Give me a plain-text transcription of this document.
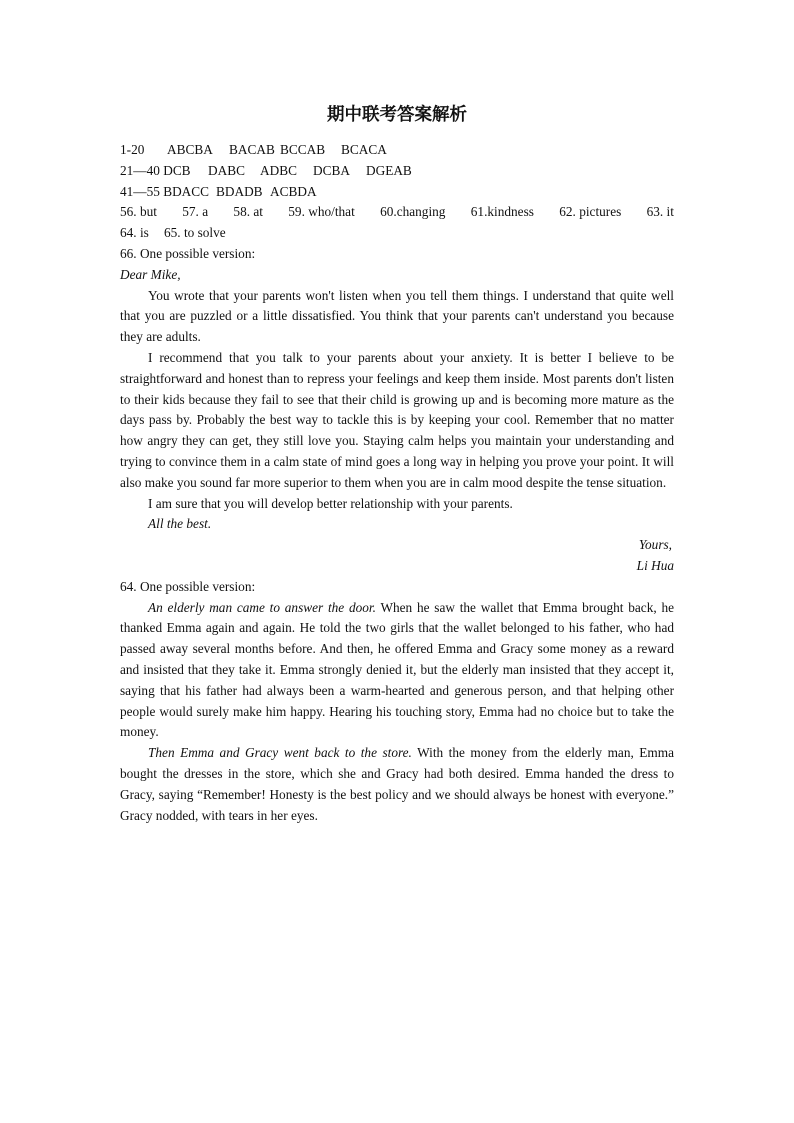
期中联考答案解析
1-20 ABCBA BACAB BCCAB BCACA
21—40 DCB DABC ADBC DCBA DGEAB
41—55 BDACC BDADB ACBDA
56. but 57. a 58. at 59. who/that 60.changing 61.kindness 62. pictures 63. it
64. is 65. to solve

66. One possible version:

Dear Mike,

You wrote that your parents won't listen when you tell them things. I understand that quite well that you are puzzled or a little dissatisfied. You think that your parents can't understand you because they are adults.

I recommend that you talk to your parents about your anxiety. It is better I believe to be straightforward and honest than to repress your feelings and keep them inside. Most parents don't listen to their kids because they fail to see that their child is growing up and is becoming more mature as the days pass by. Probably the best way to tackle this is by keeping your cool. Remember that no matter how angry they can get, they still love you. Staying calm helps you maintain your understanding and trying to convince them in a calm state of mind goes a long way in helping you prove your point. It will also make you sound far more superior to them when you are in calm mood despite the tense situation.

I am sure that you will develop better relationship with your parents.

All the best.

Yours,

Li Hua

64. One possible version:

An elderly man came to answer the door. When he saw the wallet that Emma brought back, he thanked Emma again and again. He told the two girls that the wallet belonged to his father, who had passed away several months before. And then, he offered Emma and Gracy some money as a reward and insisted that they take it. Emma strongly denied it, but the elderly man insisted that they accept it, saying that his father had always been a warm-hearted and generous person, and that helping other people would surely make him happy. Hearing his touching story, Emma had no choice but to take the money.

Then Emma and Gracy went back to the store. With the money from the elderly man, Emma bought the dresses in the store, which she and Gracy had both desired. Emma handed the dress to Gracy, saying “Remember! Honesty is the best policy and we should always be honest with everyone.” Gracy nodded, with tears in her eyes.
